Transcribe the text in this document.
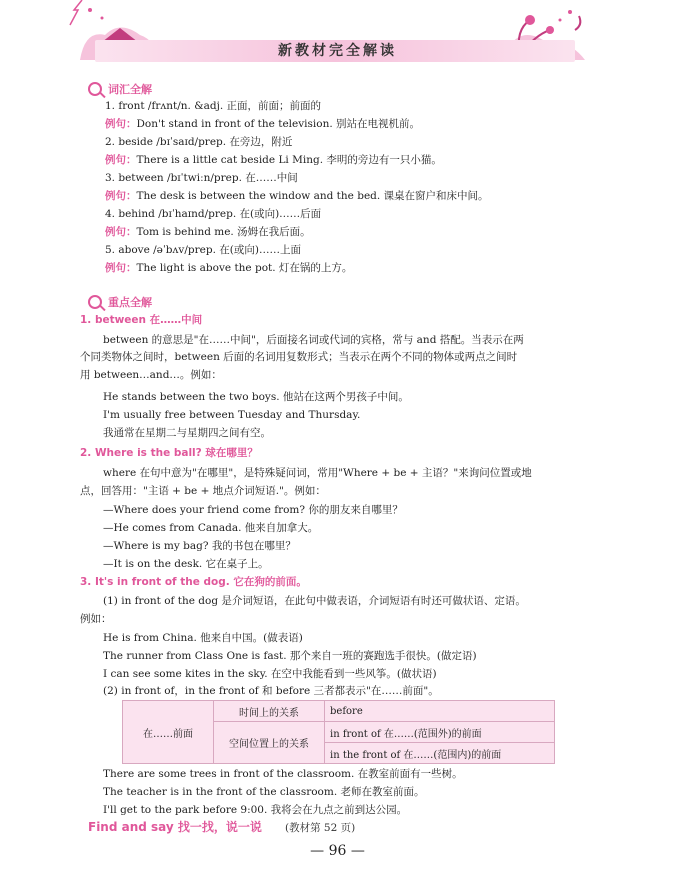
新教材完全解读
词汇全解
重点全解
1. front /frʌnt/n. &adj. 正面，前面；前面的
例句：Don't stand in front of the television. 别站在电视机前。
2. beside /bɪˈsaɪd/prep. 在旁边，附近
例句：There is a little cat beside Li Ming. 李明的旁边有一只小猫。
3. between /bɪˈtwiːn/prep. 在……中间
例句：The desk is between the window and the bed. 课桌在窗户和床中间。
4. behind /bɪˈhaɪnd/prep. 在(或向)……后面
例句：Tom is behind me. 汤姆在我后面。
5. above /əˈbʌv/prep. 在(或向)……上面
例句：The light is above the pot. 灯在锅的上方。
1. between 在……中间
between 的意思是"在……中间"，后面接名词或代词的宾格，常与 and 搭配。当表示在两
个同类物体之间时，between 后面的名词用复数形式；当表示在两个不同的物体或两点之间时
用 between…and…。例如：
He stands between the two boys. 他站在这两个男孩子中间。
I'm usually free between Tuesday and Thursday.
我通常在星期二与星期四之间有空。
2. Where is the ball? 球在哪里？
where 在句中意为"在哪里"，是特殊疑问词，常用"Where + be + 主语？"来询问位置或地
点，回答用："主语 + be + 地点介词短语."。例如：
—Where does your friend come from? 你的朋友来自哪里？
—He comes from Canada. 他来自加拿大。
—Where is my bag? 我的书包在哪里？
—It is on the desk. 它在桌子上。
3. It's in front of the dog. 它在狗的前面。
(1) in front of the dog 是介词短语，在此句中做表语，介词短语有时还可做状语、定语。
例如：
He is from China. 他来自中国。(做表语)
The runner from Class One is fast. 那个来自一班的赛跑选手很快。(做定语)
I can see some kites in the sky. 在空中我能看到一些风筝。(做状语)
(2) in front of，in the front of 和 before 三者都表示"在……前面"。
There are some trees in front of the classroom. 在教室前面有一些树。
The teacher is in the front of the classroom. 老师在教室前面。
I'll get to the park before 9:00. 我将会在九点之前到达公园。
在……前面	时间上的关系	before
	空间位置上的关系	in front of 在……(范围外)的前面
		in the front of 在……(范围内)的前面
Find and say 找一找，说一说 (教材第 52 页)
— 96 —
